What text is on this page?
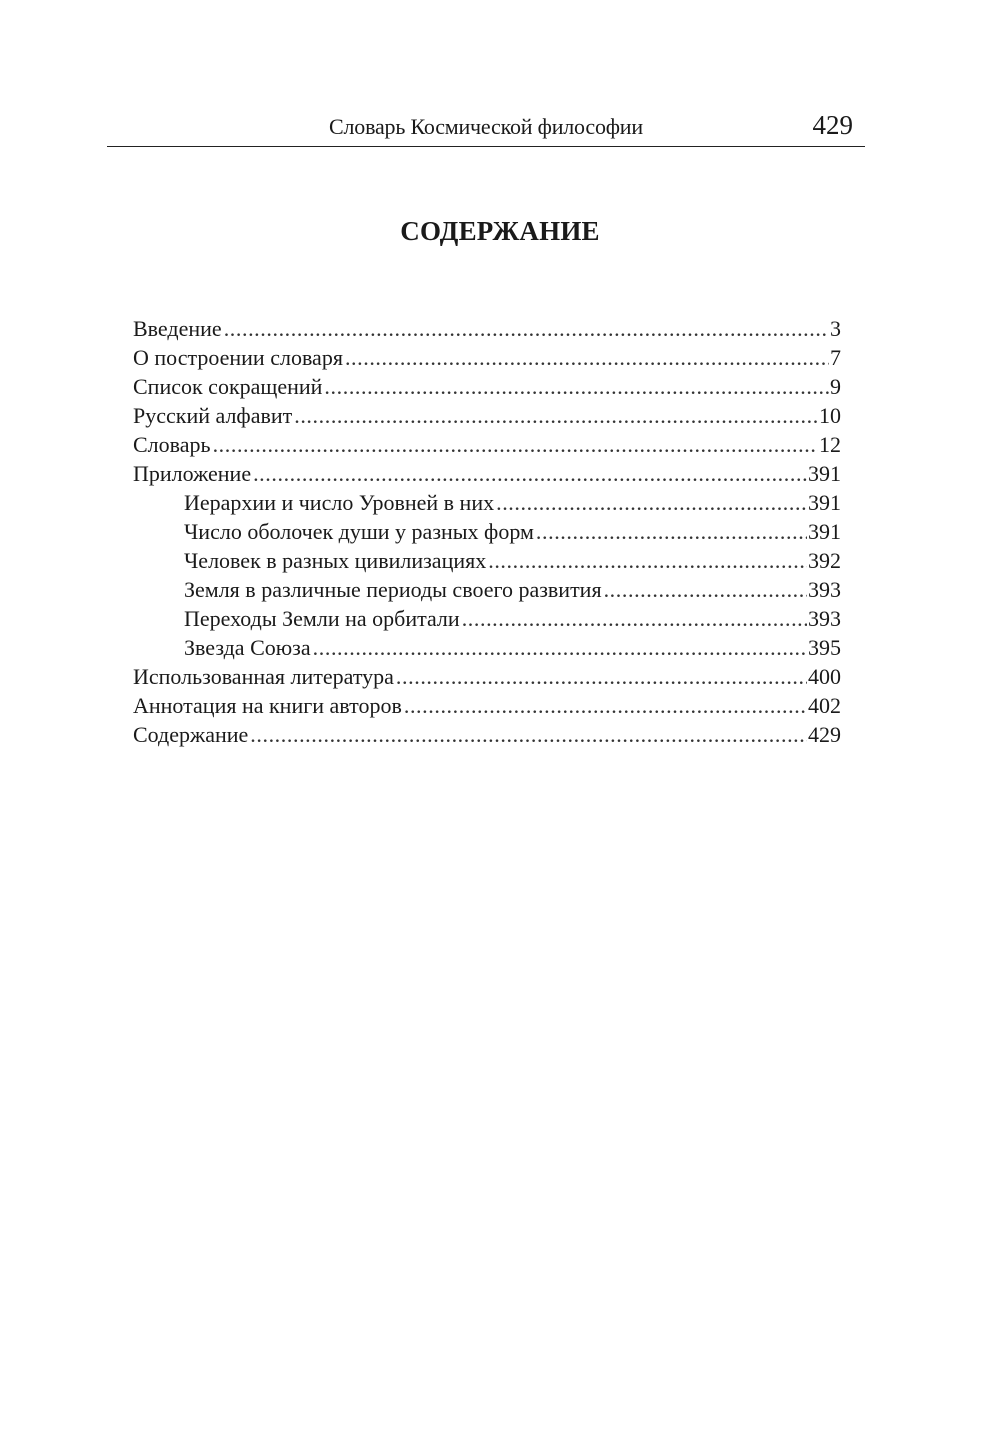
Словарь Космической философии	429
СОДЕРЖАНИЕ
Введение .....	3
О построении словаря .....	7
Список сокращений .....	9
Русский алфавит .....	10
Словарь .....	12
Приложение .....	391
Иерархии и число Уровней в них .....	391
Число оболочек души у разных форм .....	391
Человек в разных цивилизациях .....	392
Земля в различные периоды своего развития .....	393
Переходы Земли на орбитали .....	393
Звезда Союза .....	395
Использованная литература .....	400
Аннотация на книги авторов .....	402
Содержание .....	429
